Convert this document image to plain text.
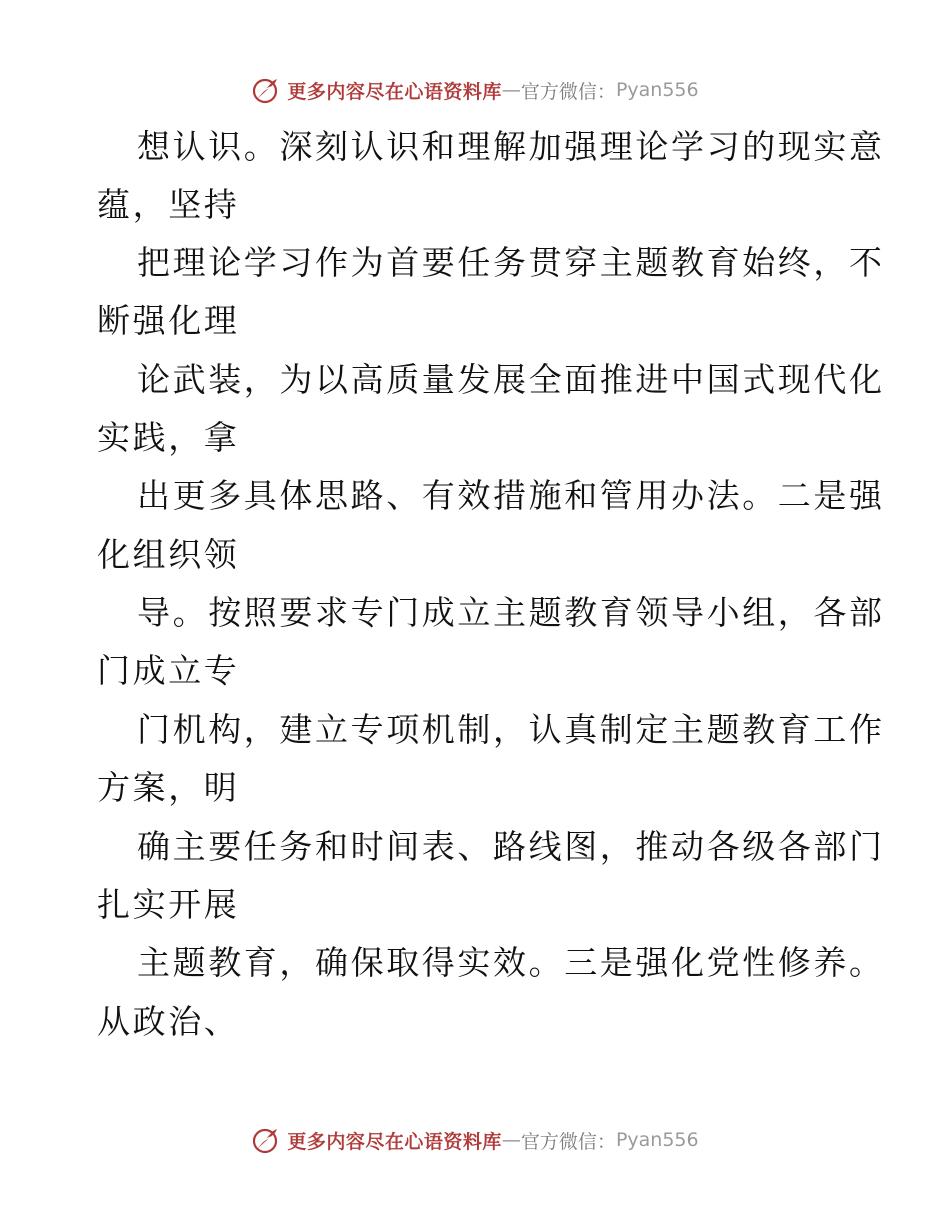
更多内容尽在心语资料库 — 官方微信： Pyan556
想认识。深刻认识和理解加强理论学习的现实意
蕴，坚持
把理论学习作为首要任务贯穿主题教育始终，不
断强化理
论武装，为以高质量发展全面推进中国式现代化
实践，拿
出更多具体思路、有效措施和管用办法。二是强
化组织领
导。按照要求专门成立主题教育领导小组，各部
门成立专
门机构，建立专项机制，认真制定主题教育工作
方案，明
确主要任务和时间表、路线图，推动各级各部门
扎实开展
主题教育，确保取得实效。三是强化党性修养。
从政治、
更多内容尽在心语资料库 — 官方微信： Pyan556
